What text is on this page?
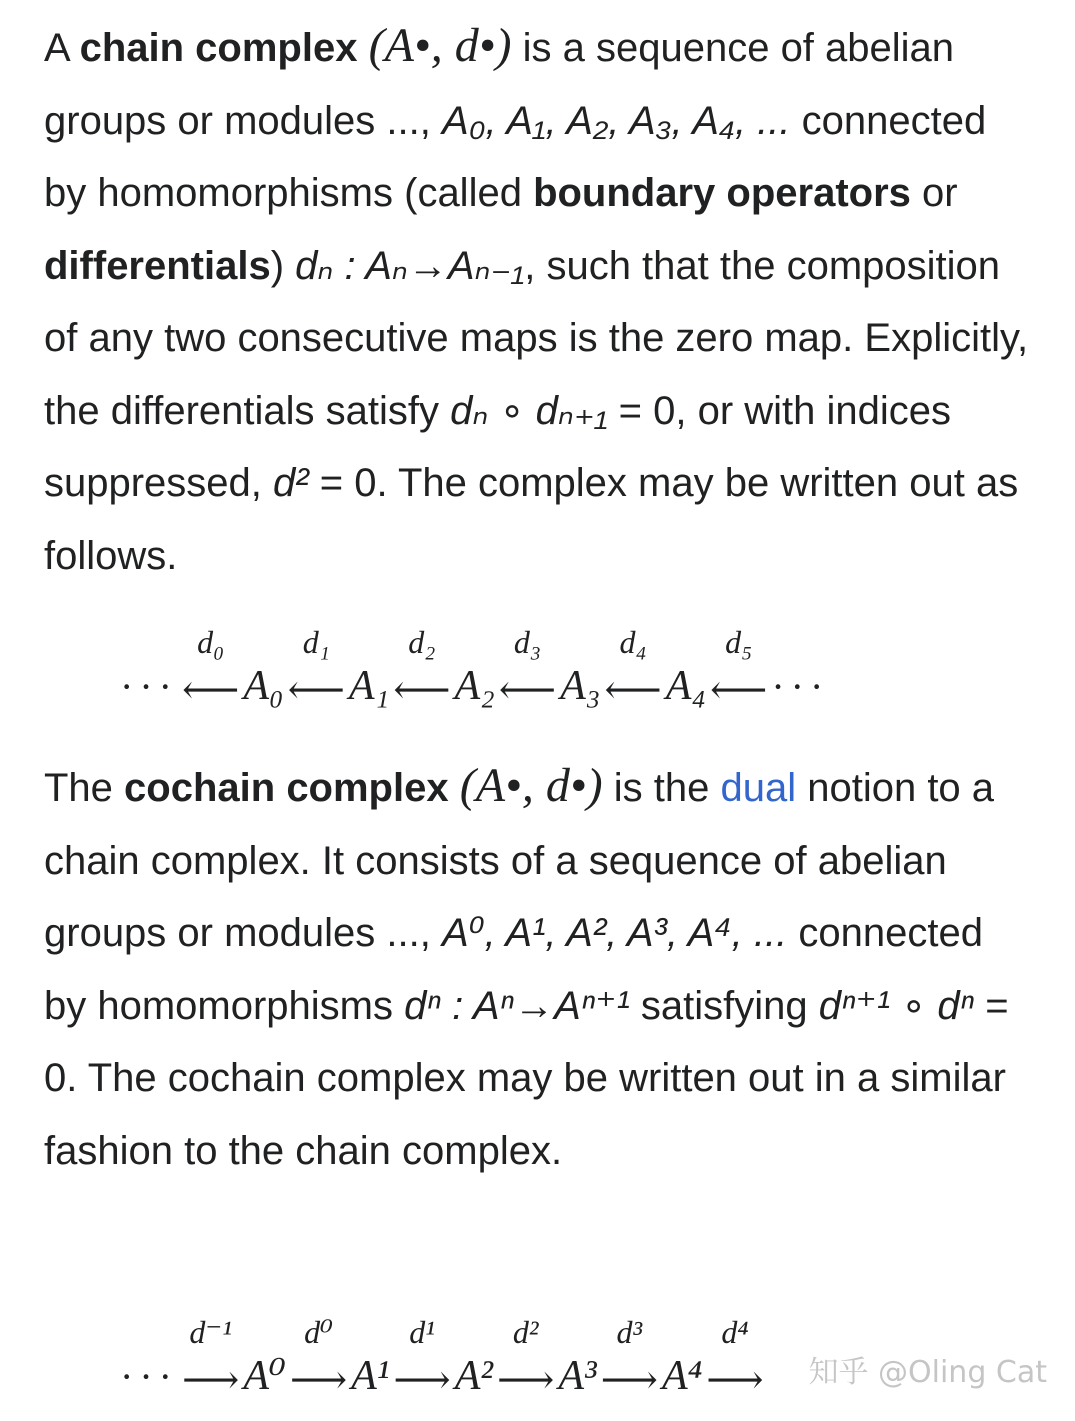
A chain complex (A•, d•) is a sequence of abelian groups or modules ..., A₀, A₁, A₂, A₃, A₄, ... connected by homomorphisms (called boundary operators or differentials) dₙ : Aₙ→Aₙ₋₁, such that the composition of any two consecutive maps is the zero map. Explicitly, the differentials satisfy dₙ ∘ dₙ₊₁ = 0, or with indices suppressed, d² = 0. The complex may be written out as follows.

···
d₀
⟵ A₀
d₁
⟵ A₁
d₂
⟵ A₂
d₃
⟵ A₃
d₄
⟵ A₄
d₅
⟵ ···

The cochain complex (A•, d•) is the dual notion to a chain complex. It consists of a sequence of abelian groups or modules ..., A⁰, A¹, A², A³, A⁴, ... connected by homomorphisms dⁿ : Aⁿ→Aⁿ⁺¹ satisfying dⁿ⁺¹ ∘ dⁿ = 0. The cochain complex may be written out in a similar fashion to the chain complex.

···
d⁻¹
⟶ A⁰
d⁰
⟶ A¹
d¹
⟶ A²
d²
⟶ A³
d³
⟶ A⁴
d⁴
⟶	知乎 @Oling Cat
